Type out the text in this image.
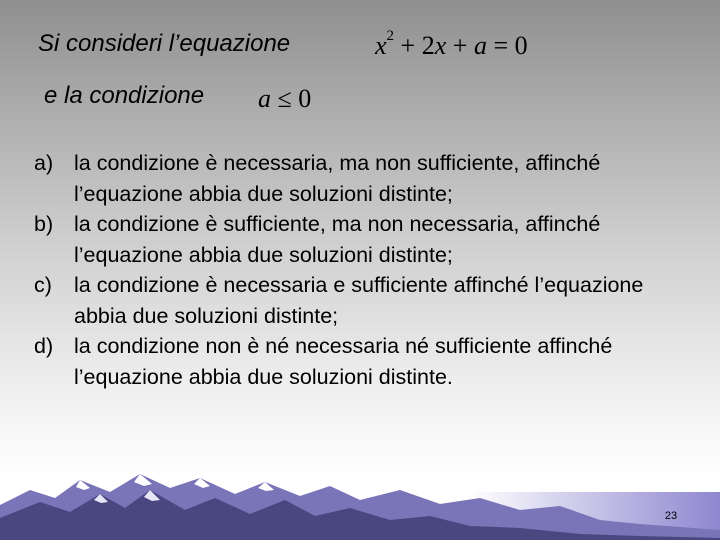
Si consideri l’equazione	$x^2 + 2x + a = 0$
e la condizione a ≤ 0
a) la condizione è necessaria, ma non sufficiente, affinché l’equazione abbia due soluzioni distinte;
b) la condizione è sufficiente, ma non necessaria, affinché l’equazione abbia due soluzioni distinte;
c)	la condizione è necessaria e sufficiente affinché l’equazione abbia due soluzioni distinte;
d) la condizione non è né necessaria né sufficiente affinché l’equazione abbia due soluzioni distinte.
23
